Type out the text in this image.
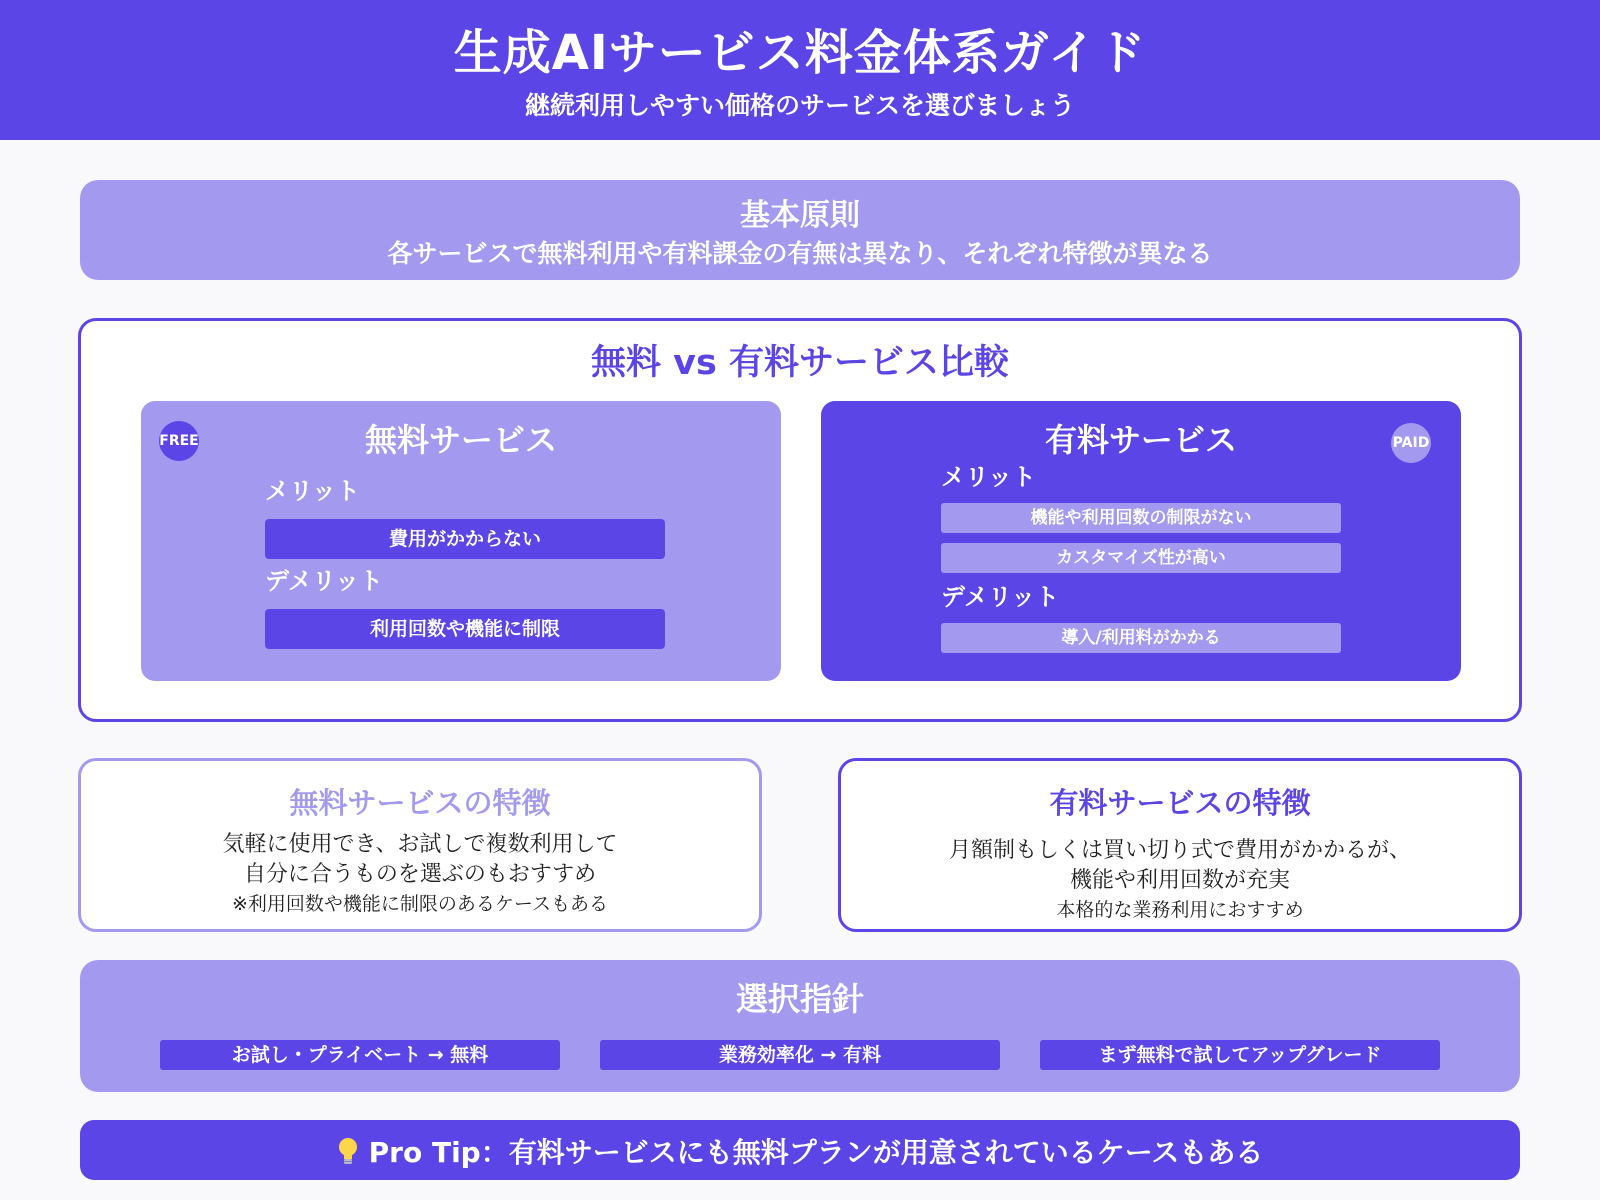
生成AIサービス料金体系ガイド
継続利用しやすい価格のサービスを選びましょう
基本原則
各サービスで無料利用や有料課金の有無は異なり、それぞれ特徴が異なる
無料 vs 有料サービス比較
FREE	無料サービス
メリット
費用がかからない
デメリット
利用回数や機能に制限
PAID
有料サービス
メリット
機能や利用回数の制限がない
カスタマイズ性が高い
デメリット
導入/利用料がかかる
無料サービスの特徴
気軽に使用でき、お試しで複数利用して
自分に合うものを選ぶのもおすすめ
※利用回数や機能に制限のあるケースもある
有料サービスの特徴
月額制もしくは買い切り式で費用がかかるが、
機能や利用回数が充実
本格的な業務利用におすすめ
選択指針
お試し・プライベート → 無料	業務効率化 → 有料	まず無料で試してアップグレード
Pro Tip：有料サービスにも無料プランが用意されているケースもある
